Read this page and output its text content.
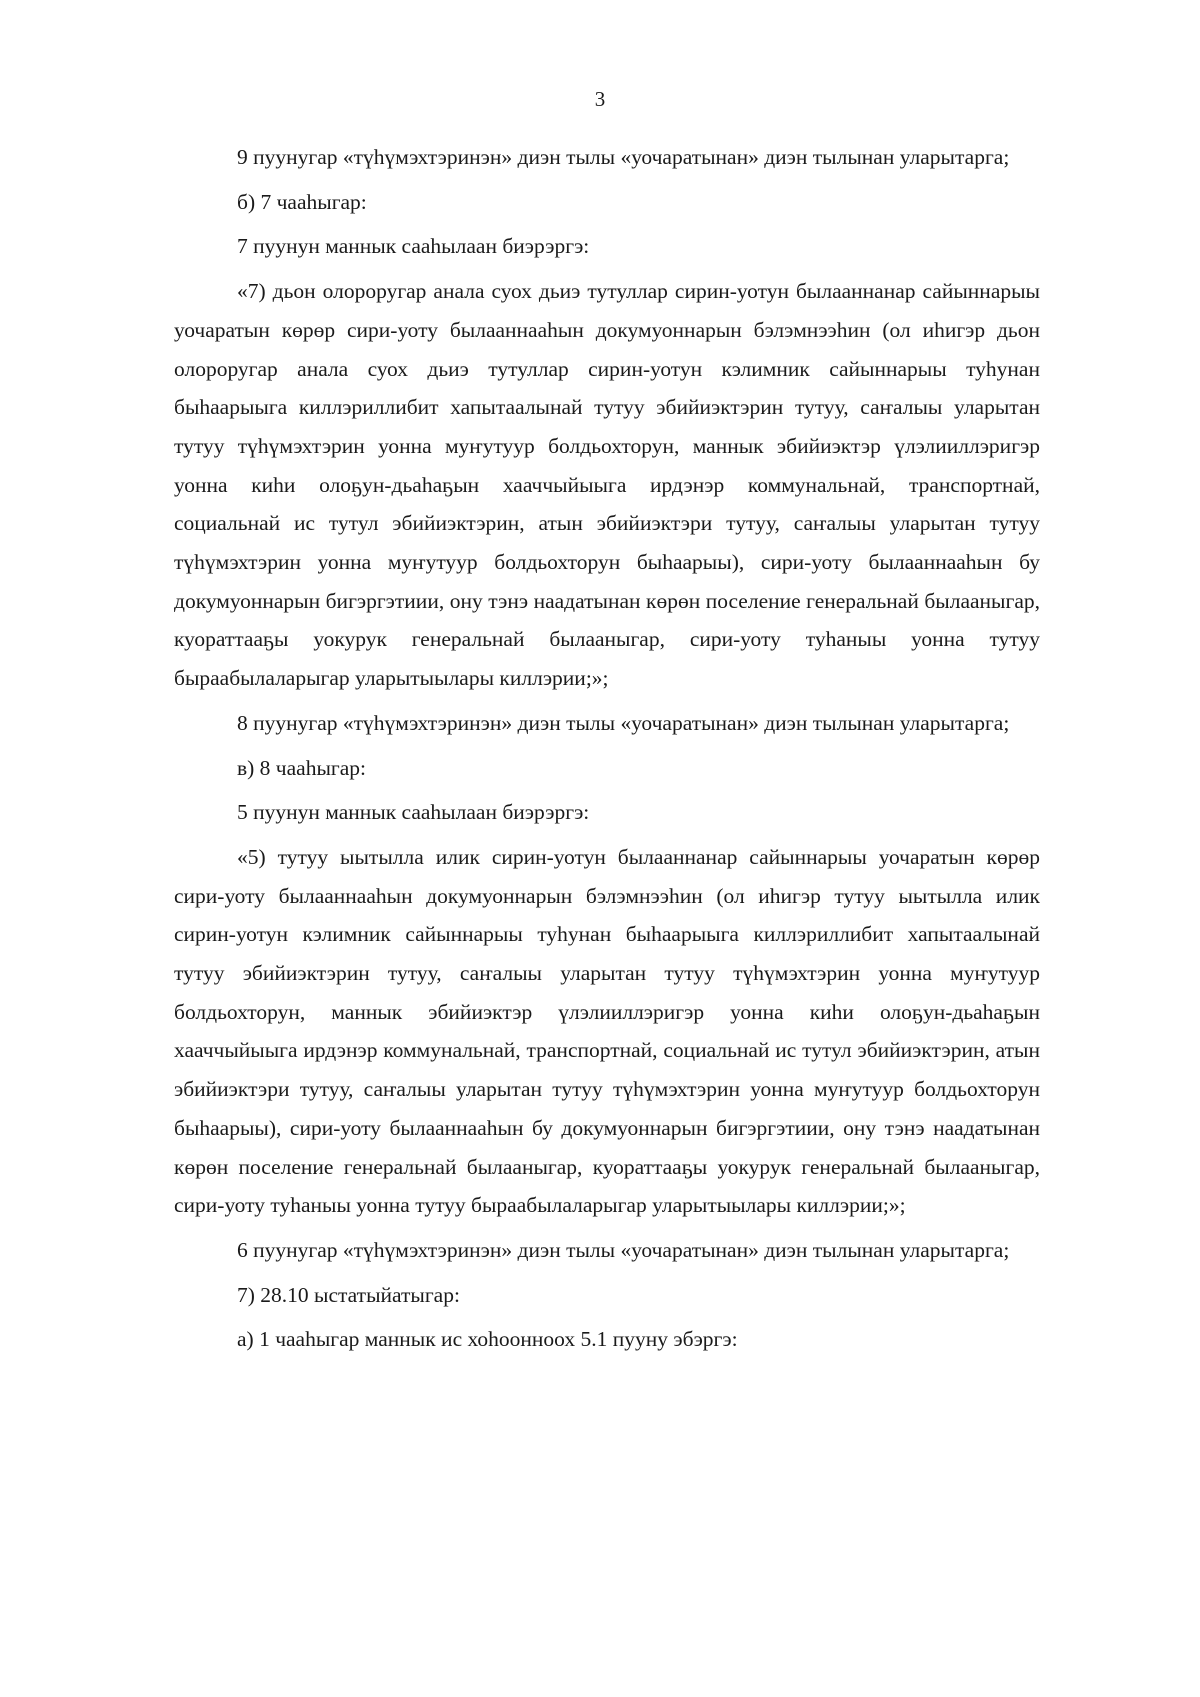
3

9 пуунугар «түһүмэхтэринэн» диэн тылы «уочаратынан» диэн тылынан уларытарга;

б) 7 чааһыгар:

7 пуунун маннык сааһылаан биэрэргэ:

«7) дьон олороругар анала суох дьиэ тутуллар сирин-уотун былааннанар сайыннарыы уочаратын көрөр сири-уоту былааннааһын докумуоннарын бэлэмнээһин (ол иһигэр дьон олороругар анала суох дьиэ тутуллар сирин-уотун кэлимник сайыннарыы туһунан быһаарыыга киллэриллибит хапытаалынай тутуу эбийиэктэрин тутуу, саҥалыы уларытан тутуу түһүмэхтэрин уонна муҥутуур болдьохторун, маннык эбийиэктэр үлэлииллэригэр уонна киһи олоҕун-дьаһаҕын хааччыйыыга ирдэнэр коммунальнай, транспортнай, социальнай ис тутул эбийиэктэрин, атын эбийиэктэри тутуу, саҥалыы уларытан тутуу түһүмэхтэрин уонна муҥутуур болдьохторун быһаарыы), сири-уоту былааннааһын бу докумуоннарын бигэргэтиии, ону тэнэ наадатынан көрөн поселение генеральнай былааныгар, куораттааҕы уокурук генеральнай былааныгар, сири-уоту туһаныы уонна тутуу быраабылаларыгар уларытыылары киллэрии;»;

8 пуунугар «түһүмэхтэринэн» диэн тылы «уочаратынан» диэн тылынан уларытарга;

в) 8 чааһыгар:

5 пуунун маннык сааһылаан биэрэргэ:

«5) тутуу ыытылла илик сирин-уотун былааннанар сайыннарыы уочаратын көрөр сири-уоту былааннааһын докумуоннарын бэлэмнээһин (ол иһигэр тутуу ыытылла илик сирин-уотун кэлимник сайыннарыы туһунан быһаарыыга киллэриллибит хапытаалынай тутуу эбийиэктэрин тутуу, саҥалыы уларытан тутуу түһүмэхтэрин уонна муҥутуур болдьохторун, маннык эбийиэктэр үлэлииллэригэр уонна киһи олоҕун-дьаһаҕын хааччыйыыга ирдэнэр коммунальнай, транспортнай, социальнай ис тутул эбийиэктэрин, атын эбийиэктэри тутуу, саҥалыы уларытан тутуу түһүмэхтэрин уонна муҥутуур болдьохторун быһаарыы), сири-уоту былааннааһын бу докумуоннарын бигэргэтиии, ону тэнэ наадатынан көрөн поселение генеральнай былааныгар, куораттааҕы уокурук генеральнай былааныгар, сири-уоту туһаныы уонна тутуу быраабылаларыгар уларытыылары киллэрии;»;

6 пуунугар «түһүмэхтэринэн» диэн тылы «уочаратынан» диэн тылынан уларытарга;

7) 28.10 ыстатыйатыгар:

а) 1 чааһыгар маннык ис хоһоонноох 5.1 пууну эбэргэ:
